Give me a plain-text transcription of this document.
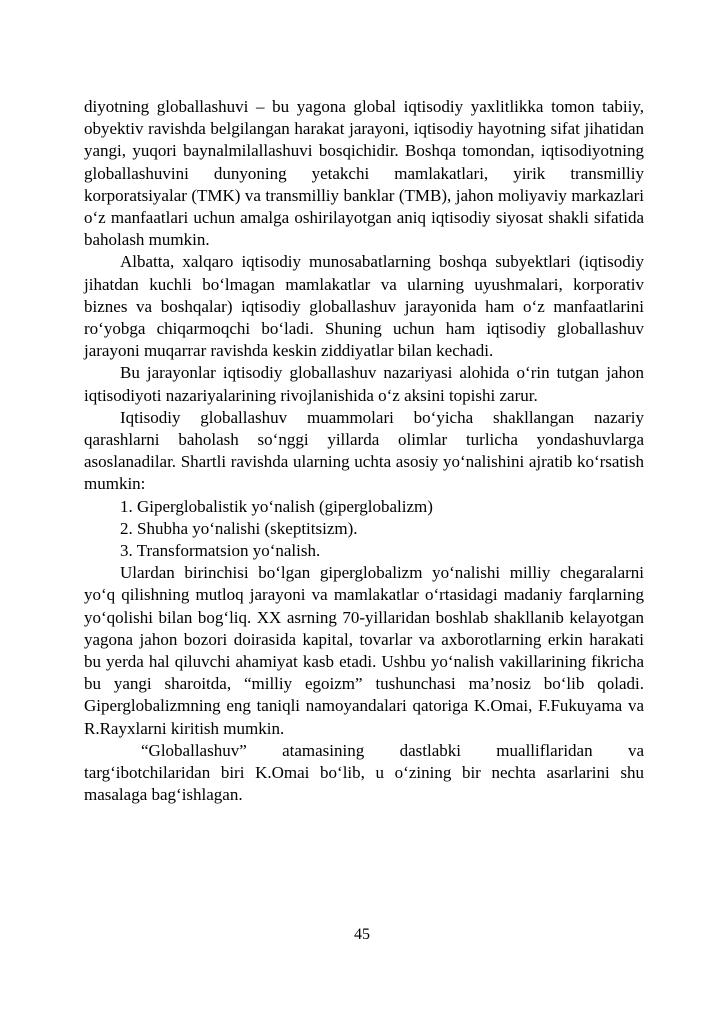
diyotning globallashuvi – bu yagona global iqtisodiy yaxlitlikka tomon tabiiy, obyektiv ravishda belgilangan harakat jarayoni, iqtisodiy hayotning sifat jihatidan yangi, yuqori baynalmilallashuvi bosqichidir. Boshqa tomondan, iqtisodiyotning globallashuvini dunyoning yetakchi mamlakatlari, yirik transmilliy korporatsiyalar (TMK) va transmilliy banklar (TMB), jahon moliyaviy markazlari o‘z manfaatlari uchun amalga oshirilayotgan aniq iqtisodiy siyosat shakli sifatida baholash mumkin.

Albatta, xalqaro iqtisodiy munosabatlarning boshqa subyektlari (iqtisodiy jihatdan kuchli bo‘lmagan mamlakatlar va ularning uyushmalari, korporativ biznes va boshqalar) iqtisodiy globallashuv jarayonida ham o‘z manfaatlarini ro‘yobga chiqarmoqchi bo‘ladi. Shuning uchun ham iqtisodiy globallashuv jarayoni muqarrar ravishda keskin ziddiyatlar bilan kechadi.

Bu jarayonlar iqtisodiy globallashuv nazariyasi alohida o‘rin tutgan jahon iqtisodiyoti nazariyalarining rivojlanishida o‘z aksini topishi zarur.

Iqtisodiy globallashuv muammolari bo‘yicha shakllangan nazariy qarashlarni baholash so‘nggi yillarda olimlar turlicha yondashuvlarga asoslanadilar. Shartli ravishda ularning uchta asosiy yo‘nalishini ajratib ko‘rsatish mumkin:

1. Giperglobalistik yo‘nalish (giperglobalizm)

2. Shubha yo‘nalishi (skeptitsizm).

3. Transformatsion yo‘nalish.

Ulardan birinchisi bo‘lgan giperglobalizm yo‘nalishi milliy chegaralarni yo‘q qilishning mutloq jarayoni va mamlakatlar o‘rtasidagi madaniy farqlarning yo‘qolishi bilan bog‘liq. XX asrning 70-yillaridan boshlab shakllanib kelayotgan yagona jahon bozori doirasida kapital, tovarlar va axborotlarning erkin harakati bu yerda hal qiluvchi ahamiyat kasb etadi. Ushbu yo‘nalish vakillarining fikricha bu yangi sharoitda, “milliy egoizm” tushunchasi ma’nosiz bo‘lib qoladi. Giperglobalizmning eng taniqli namoyandalari qatoriga K.Omai, F.Fukuyama va R.Rayxlarni kiritish mumkin.

“Globallashuv” atamasining dastlabki mualliflaridan va targ‘ibotchilaridan biri K.Omai bo‘lib, u o‘zining bir nechta asarlarini shu masalaga bag‘ishlagan.

45
